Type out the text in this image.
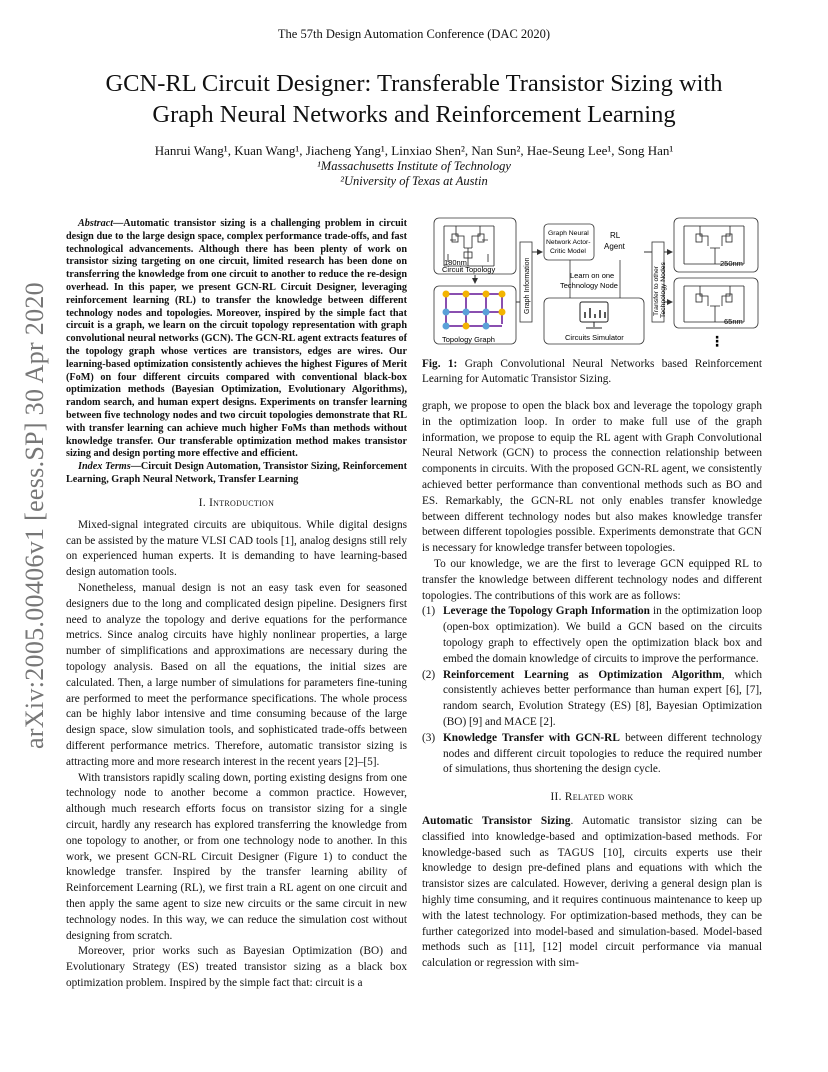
The 57th Design Automation Conference (DAC 2020)
GCN-RL Circuit Designer: Transferable Transistor Sizing with
Graph Neural Networks and Reinforcement Learning
Hanrui Wang¹, Kuan Wang¹, Jiacheng Yang¹, Linxiao Shen², Nan Sun², Hae-Seung Lee¹, Song Han¹
¹Massachusetts Institute of Technology
²University of Texas at Austin
arXiv:2005.00406v1 [eess.SP] 30 Apr 2020

Abstract—Automatic transistor sizing is a challenging problem in circuit design due to the large design space, complex performance trade-offs, and fast technological advancements. Although there has been plenty of work on transistor sizing targeting on one circuit, limited research has been done on transferring the knowledge from one circuit to another to reduce the re-design overhead. In this paper, we present GCN-RL Circuit Designer, leveraging reinforcement learning (RL) to transfer the knowledge between different technology nodes and topologies. Moreover, inspired by the simple fact that circuit is a graph, we learn on the circuit topology representation with graph convolutional neural networks (GCN). The GCN-RL agent extracts features of the topology graph whose vertices are transistors, edges are wires. Our learning-based optimization consistently achieves the highest Figures of Merit (FoM) on four different circuits compared with conventional black-box optimization methods (Bayesian Optimization, Evolutionary Algorithms), random search, and human expert designs. Experiments on transfer learning between five technology nodes and two circuit topologies demonstrate that RL with transfer learning can achieve much higher FoMs than methods without knowledge transfer. Our transferable optimization method makes transistor sizing and design porting more effective and efficient.

Index Terms—Circuit Design Automation, Transistor Sizing, Reinforcement Learning, Graph Neural Network, Transfer Learning

I. Introduction

Mixed-signal integrated circuits are ubiquitous. While digital designs can be assisted by the mature VLSI CAD tools [1], analog designs still rely on experienced human experts. It is demanding to have learning-based design automation tools.

Nonetheless, manual design is not an easy task even for seasoned designers due to the long and complicated design pipeline. Designers first need to analyze the topology and derive equations for the performance metrics. Since analog circuits have highly nonlinear properties, a large number of simplifications and approximations are necessary during the topology analysis. Based on all the equations, the initial sizes are calculated. Then, a large number of simulations for parameters fine-tuning are performed to meet the performance specifications. The whole process can be highly labor intensive and time consuming because of the large design space, slow simulation tools, and sophisticated trade-offs between different performance metrics. Therefore, automatic transistor sizing is attracting more and more research interest in the recent years [2]–[5].

With transistors rapidly scaling down, porting existing designs from one technology node to another become a common practice. However, although much research efforts focus on transistor sizing for a single circuit, hardly any research has explored transferring the knowledge from one topology to another, or from one technology node to another. In this work, we present GCN-RL Circuit Designer (Figure 1) to conduct the knowledge transfer. Inspired by the transfer learning ability of Reinforcement Learning (RL), we first train a RL agent on one circuit and then apply the same agent to size new circuits or the same circuit in new technology nodes. In this way, we can reduce the simulation cost without designing from scratch.

Moreover, prior works such as Bayesian Optimization (BO) and Evolutionary Strategy (ES) treated transistor sizing as a black box optimization problem. Inspired by the simple fact that: circuit is a

180nm
Circuit Topology
Topology Graph
Graph Information
Graph Neural
Network Actor-
Critic Model
RL
Agent
Learn on one
Technology Node
Circuits Simulator
Transfer to other Technology Nodes	250nm
65nm
⋮
Fig. 1: Graph Convolutional Neural Networks based Reinforcement Learning for Automatic Transistor Sizing.

graph, we propose to open the black box and leverage the topology graph in the optimization loop. In order to make full use of the graph information, we propose to equip the RL agent with Graph Convolutional Neural Network (GCN) to process the connection relationship between components in circuits. With the proposed GCN-RL agent, we consistently achieved better performance than conventional methods such as BO and ES. Remarkably, the GCN-RL not only enables transfer knowledge between different technology nodes but also makes knowledge transfer between different topologies possible. Experiments demonstrate that GCN is necessary for knowledge transfer between topologies.

To our knowledge, we are the first to leverage GCN equipped RL to transfer the knowledge between different technology nodes and different topologies. The contributions of this work are as follows:

(1) Leverage the Topology Graph Information in the optimization loop (open-box optimization). We build a GCN based on the circuits topology graph to effectively open the optimization black box and embed the domain knowledge of circuits to improve the performance.
(2) Reinforcement Learning as Optimization Algorithm, which consistently achieves better performance than human expert [6], [7], random search, Evolution Strategy (ES) [8], Bayesian Optimization (BO) [9] and MACE [2].
(3) Knowledge Transfer with GCN-RL between different technology nodes and different circuit topologies to reduce the required number of simulations, thus shortening the design cycle.

II. Related work

Automatic Transistor Sizing. Automatic transistor sizing can be classified into knowledge-based and optimization-based methods. For knowledge-based such as TAGUS [10], circuits experts use their knowledge to design pre-defined plans and equations with which the transistor sizes are calculated. However, deriving a general design plan is highly time consuming, and it requires continuous maintenance to keep up with the latest technology. For optimization-based methods, they can be further categorized into model-based and simulation-based. Model-based methods such as [11], [12] model circuit performance via manual calculation or regression with sim-
